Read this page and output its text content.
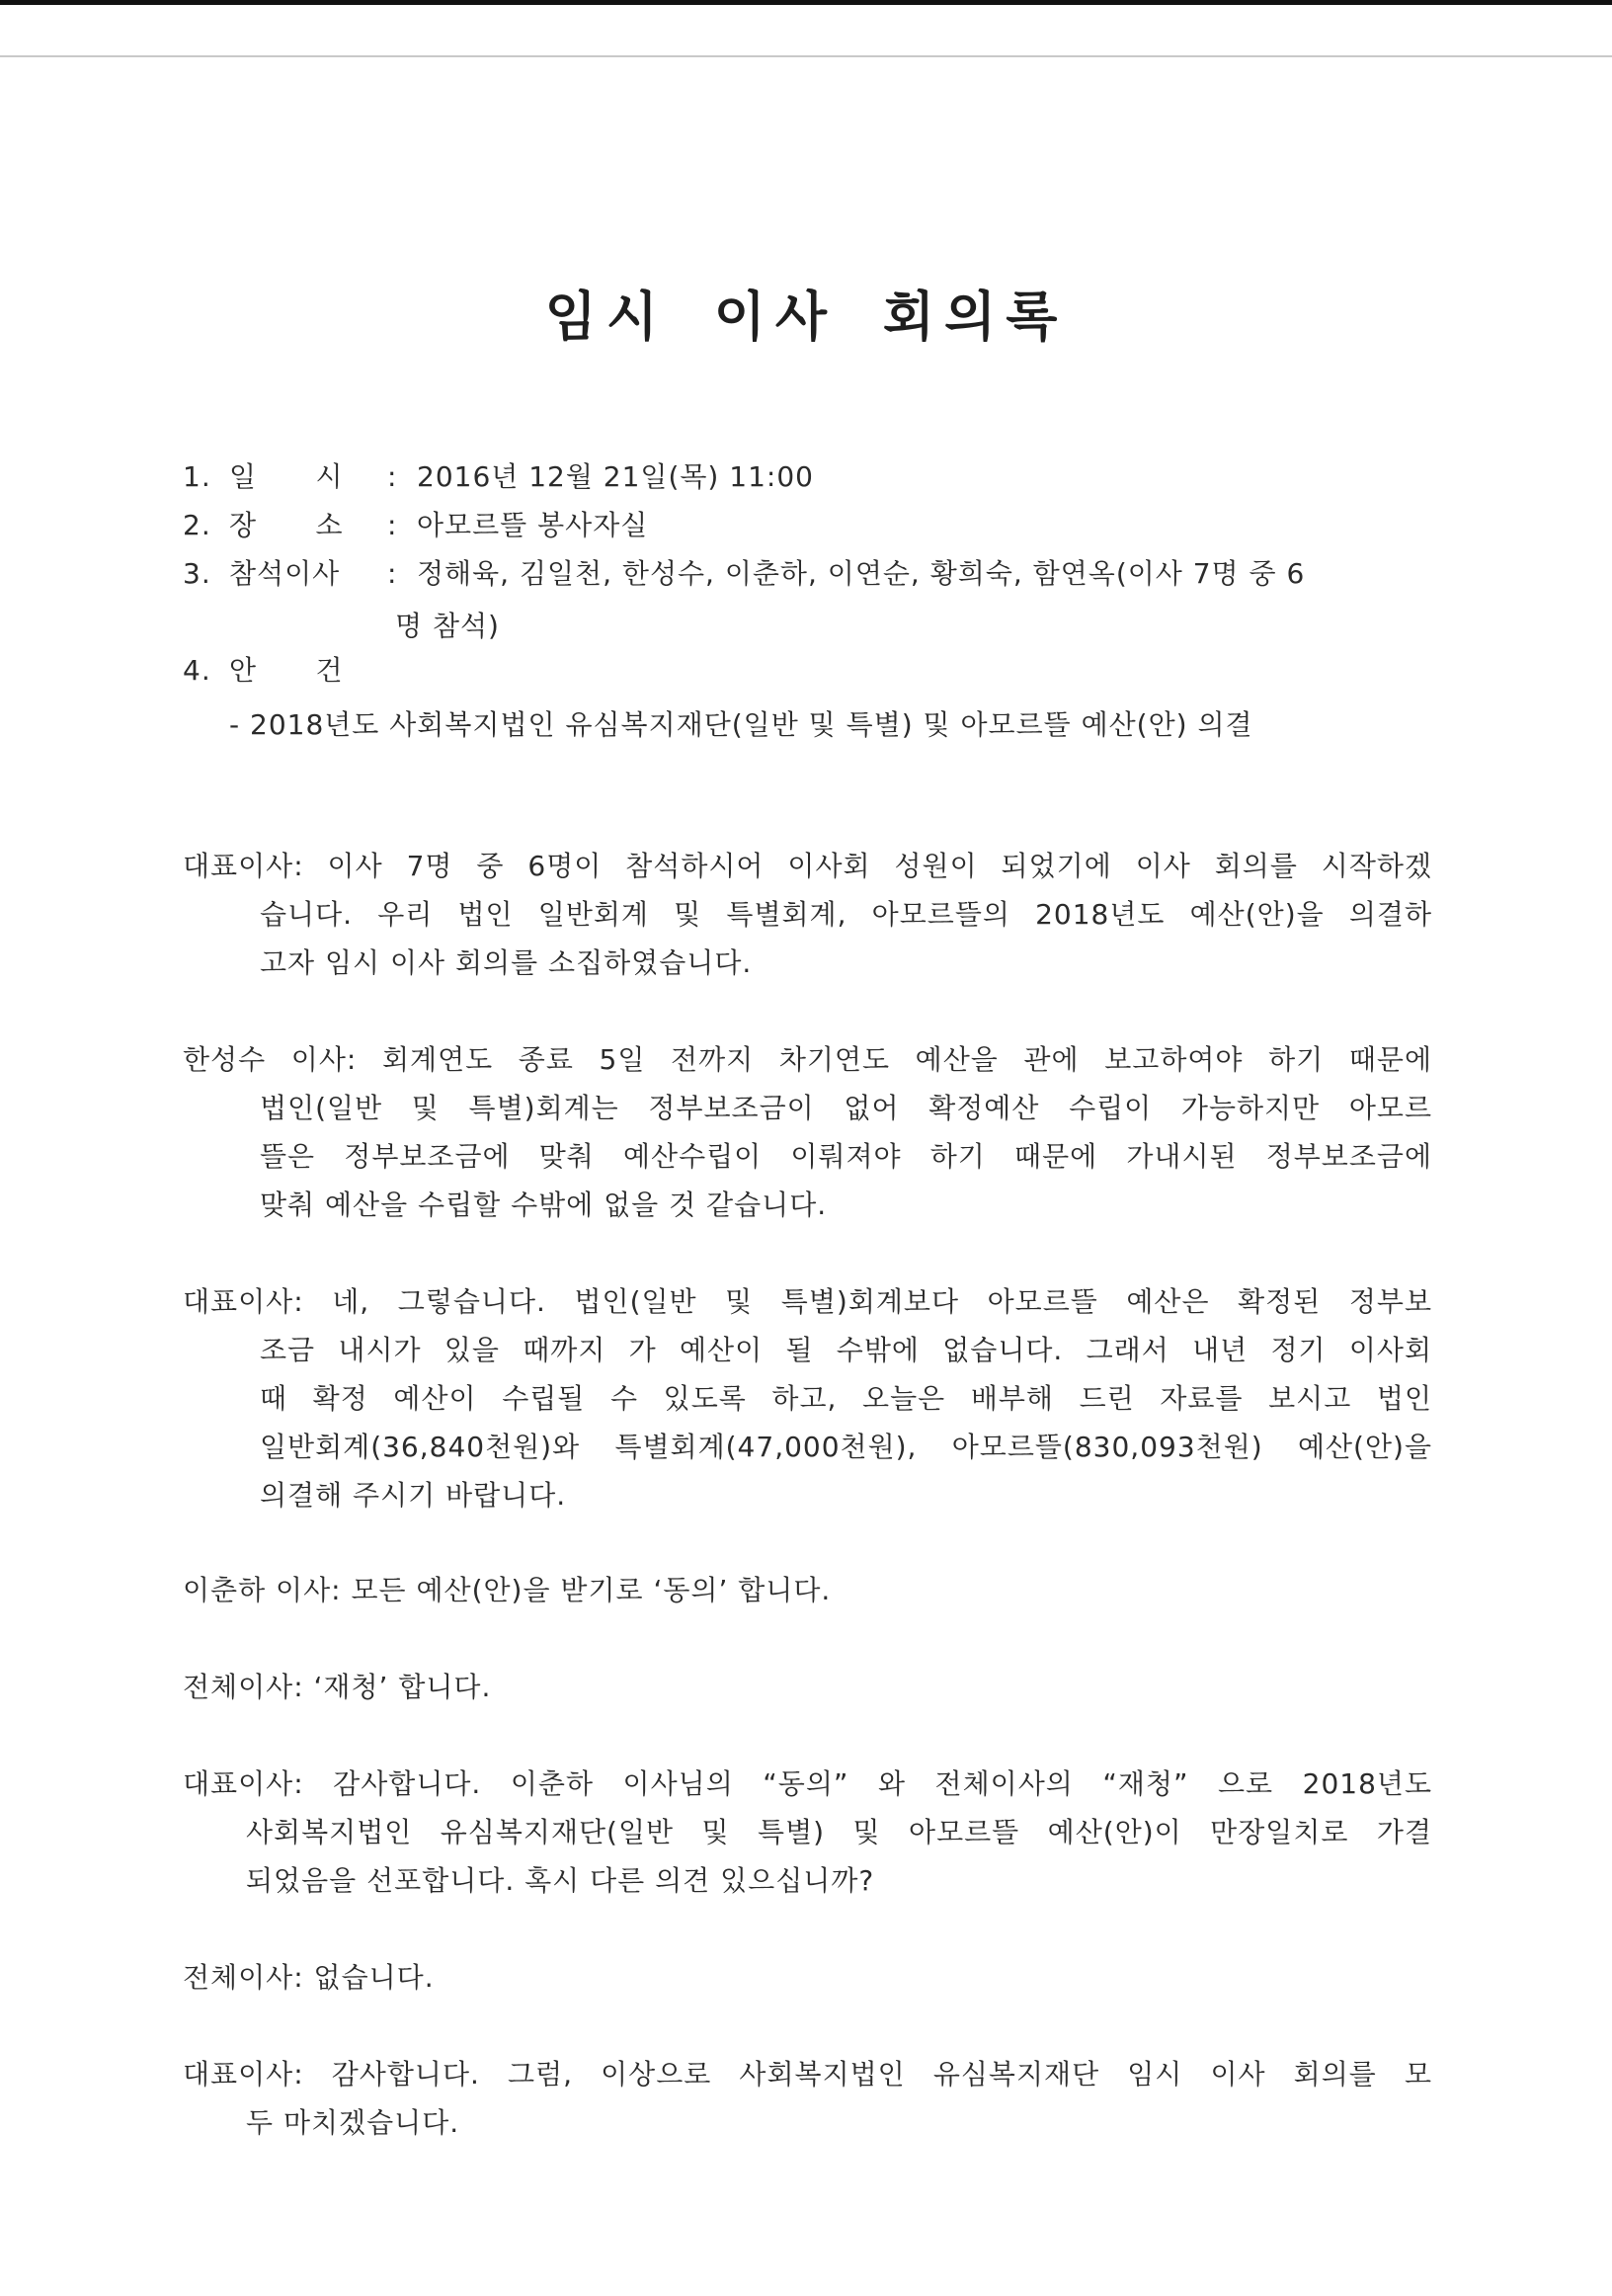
임시 이사 회의록
1. 일      시 : 2016년 12월 21일(목) 11:00
2. 장      소 : 아모르뜰 봉사자실
3. 참석이사 : 정해육, 김일천, 한성수, 이춘하, 이연순, 황희숙, 함연옥(이사 7명 중 6
명 참석)
4. 안      건
- 2018년도 사회복지법인 유심복지재단(일반 및 특별) 및 아모르뜰 예산(안) 의결
대표이사: 이사 7명 중 6명이 참석하시어 이사회 성원이 되었기에 이사 회의를 시작하겠
습니다. 우리 법인 일반회계 및 특별회계, 아모르뜰의 2018년도 예산(안)을 의결하
고자 임시 이사 회의를 소집하였습니다.
한성수 이사: 회계연도 종료 5일 전까지 차기연도 예산을 관에 보고하여야 하기 때문에
법인(일반 및 특별)회계는 정부보조금이 없어 확정예산 수립이 가능하지만 아모르
뜰은 정부보조금에 맞춰 예산수립이 이뤄져야 하기 때문에 가내시된 정부보조금에
맞춰 예산을 수립할 수밖에 없을 것 같습니다.
대표이사: 네, 그렇습니다. 법인(일반 및 특별)회계보다 아모르뜰 예산은 확정된 정부보
조금 내시가 있을 때까지 가 예산이 될 수밖에 없습니다. 그래서 내년 정기 이사회
때 확정 예산이 수립될 수 있도록 하고, 오늘은 배부해 드린 자료를 보시고 법인
일반회계(36,840천원)와 특별회계(47,000천원), 아모르뜰(830,093천원) 예산(안)을
의결해 주시기 바랍니다.
이춘하 이사: 모든 예산(안)을 받기로 ‘동의’ 합니다.
전체이사: ‘재청’ 합니다.
대표이사: 감사합니다. 이춘하 이사님의 “동의” 와 전체이사의 “재청” 으로 2018년도
사회복지법인 유심복지재단(일반 및 특별) 및 아모르뜰 예산(안)이 만장일치로 가결
되었음을 선포합니다. 혹시 다른 의견 있으십니까?
전체이사: 없습니다.
대표이사: 감사합니다. 그럼, 이상으로 사회복지법인 유심복지재단 임시 이사 회의를 모
두 마치겠습니다.
